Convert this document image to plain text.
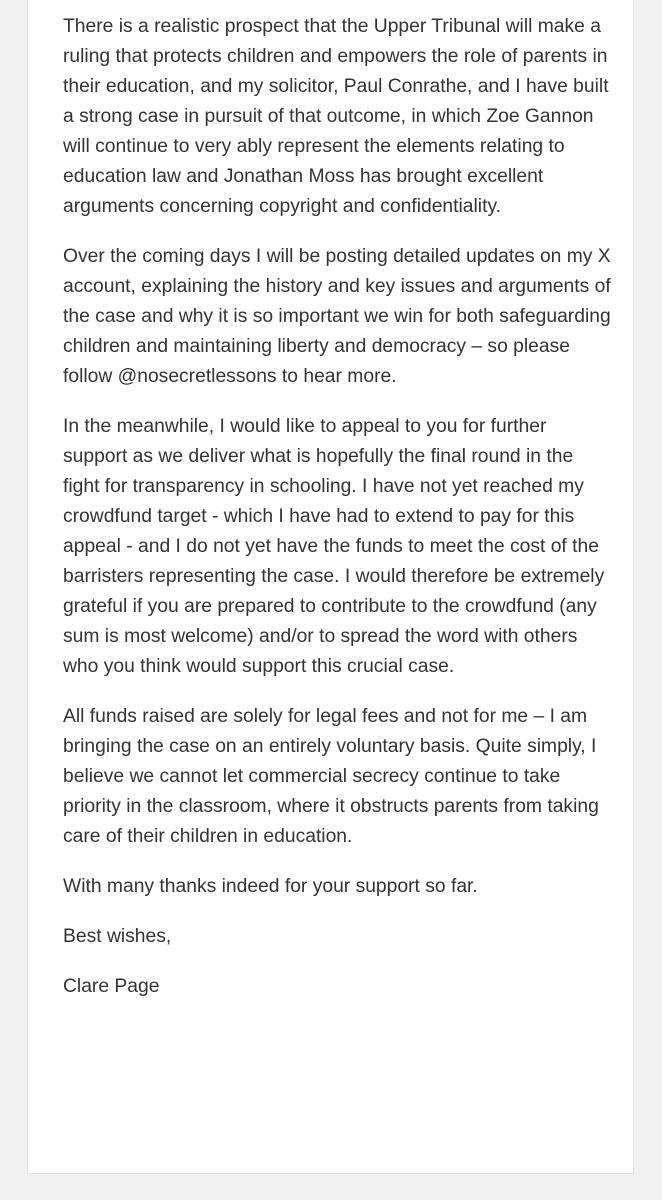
There is a realistic prospect that the Upper Tribunal will make a ruling that protects children and empowers the role of parents in their education, and my solicitor, Paul Conrathe, and I have built a strong case in pursuit of that outcome, in which Zoe Gannon will continue to very ably represent the elements relating to education law and Jonathan Moss has brought excellent arguments concerning copyright and confidentiality.

Over the coming days I will be posting detailed updates on my X account, explaining the history and key issues and arguments of the case and why it is so important we win for both safeguarding children and maintaining liberty and democracy – so please follow @nosecretlessons to hear more.

In the meanwhile, I would like to appeal to you for further support as we deliver what is hopefully the final round in the fight for transparency in schooling. I have not yet reached my crowdfund target - which I have had to extend to pay for this appeal - and I do not yet have the funds to meet the cost of the barristers representing the case. I would therefore be extremely grateful if you are prepared to contribute to the crowdfund (any sum is most welcome) and/or to spread the word with others who you think would support this crucial case.

All funds raised are solely for legal fees and not for me – I am bringing the case on an entirely voluntary basis. Quite simply, I believe we cannot let commercial secrecy continue to take priority in the classroom, where it obstructs parents from taking care of their children in education.

With many thanks indeed for your support so far.

Best wishes,

Clare Page
